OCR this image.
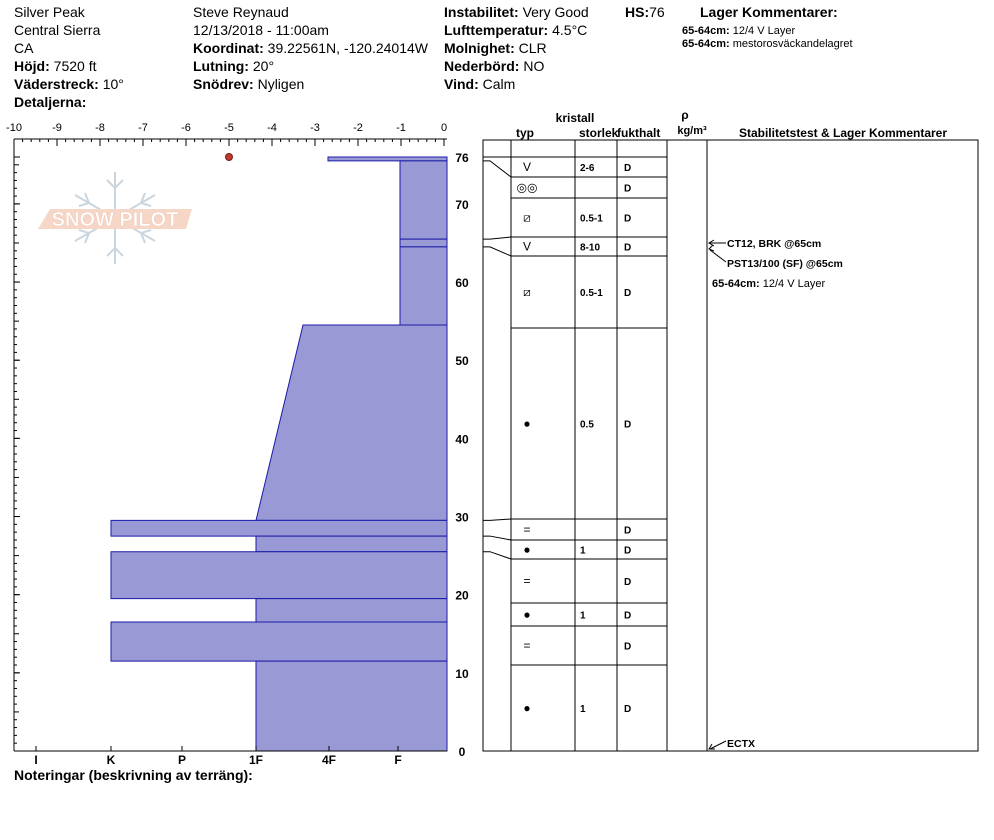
Silver Peak
Central Sierra
CA
Höjd: 7520 ft
Väderstreck: 10°
Detaljerna:
Steve Reynaud
12/13/2018 - 11:00am
Koordinat: 39.22561N, -120.24014W
Lutning: 20°
Snödrev: Nyligen
Instabilitet: Very Good
Lufttemperatur: 4.5°C
Molnighet: CLR
Nederbörd: NO
Vind: Calm
HS:76	Lager Kommentarer:
65-64cm: 12/4 V Layer
65-64cm: mestorosväckandelagret
SNOW PILOT
-10	-9	-8	-7	-6	-5	-4	-3	-2	-1	0
76
70
60
50
40
30
20
10
0
I	K	P	1F	4F	F
V	2-6	D
◎◎	D
⧄	0.5-1 D
V	8-10 D
⧄	0.5-1 D
●	0.5	D
=	D
●	1	D
=	D
●	1	D
=	D
●	1	D
kristall
typ	storlek
fukthalt
ρ
kg/m³	Stabilitetstest & Lager Kommentarer
CT12, BRK @65cm
PST13/100 (SF) @65cm
65-64cm: 12/4 V Layer
ECTX
Noteringar (beskrivning av terräng):
